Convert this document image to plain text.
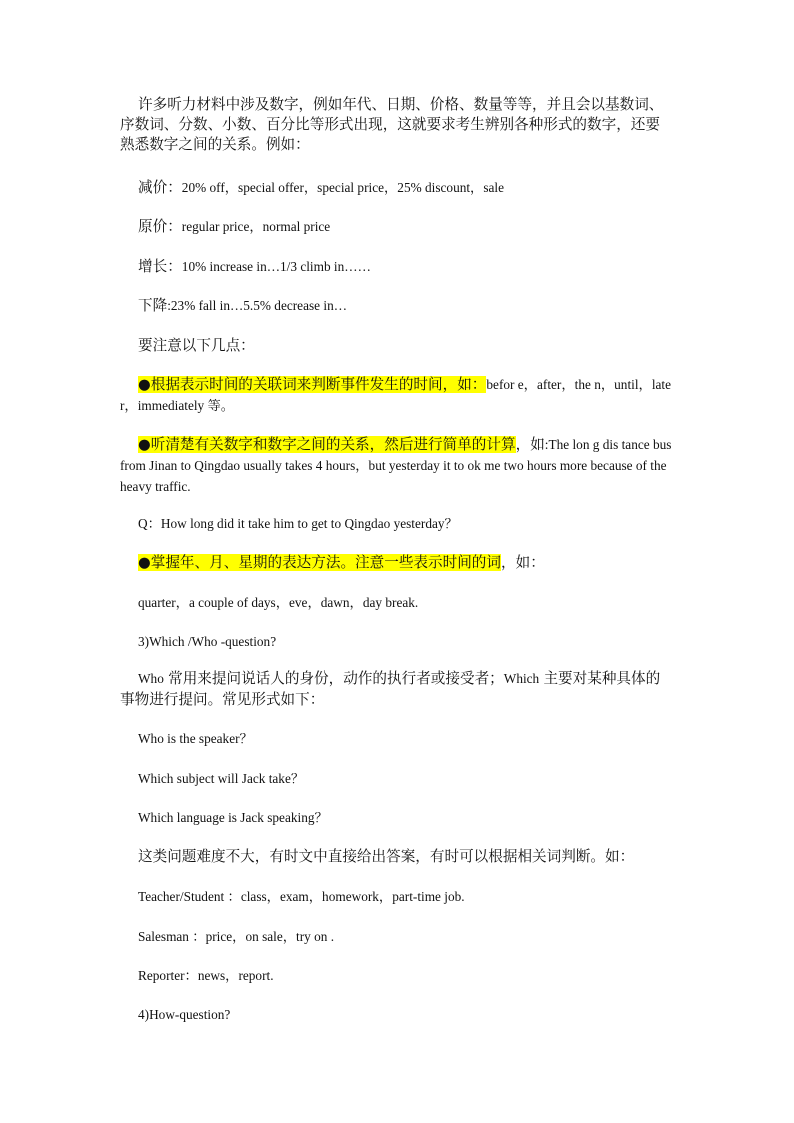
许多听力材料中涉及数字，例如年代、日期、价格、数量等等，并且会以基数词、序数词、分数、小数、百分比等形式出现，这就要求考生辨别各种形式的数字，还要熟悉数字之间的关系。例如：
减价：20% off，special offer，special price，25% discount，sale
原价：regular price，normal price
增长：10% increase in…1/3 climb in……
下降:23% fall in…5.5% decrease in…
要注意以下几点：
●根据表示时间的关联词来判断事件发生的时间，如：befor e，after，the n，until，later，immediately 等。
●听清楚有关数字和数字之间的关系，然后进行简单的计算，如:The lon g dis tance bus from Jinan to Qingdao usually takes 4 hours，but yesterday it to ok me two hours more because of the heavy traffic.
Q：How long did it take him to get to Qingdao yesterday？
●掌握年、月、星期的表达方法。注意一些表示时间的词，如：
quarter，a couple of days，eve，dawn，day break.
3)Which /Who -question?
Who 常用来提问说话人的身份，动作的执行者或接受者；Which 主要对某种具体的事物进行提问。常见形式如下：
Who is the speaker？
Which subject will Jack take？
Which language is Jack speaking？
这类问题难度不大，有时文中直接给出答案，有时可以根据相关词判断。如：
Teacher/Student ：class，exam，homework，part-time job.
Salesman ：price，on sale，try on .
Reporter：news，report.
4)How-question?
